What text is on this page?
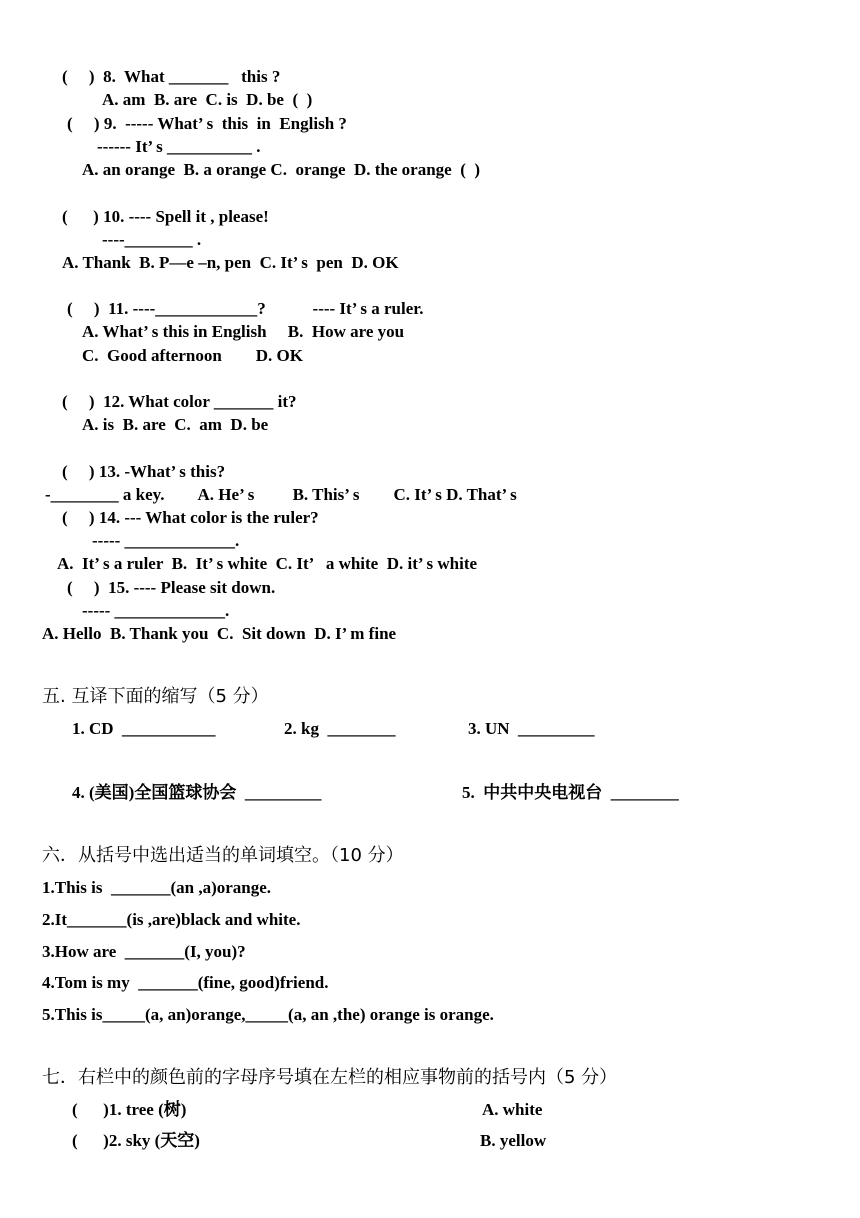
(     )  8.  What _______   this ?
A. am  B. are  C. is  D. be  (  )
(     ) 9.  ----- What’ s  this  in  English ?
------ It’ s __________ .
A. an orange  B. a orange C.  orange  D. the orange  (  )
(      ) 10. ---- Spell it , please!
----________ .
A. Thank  B. P—e –n, pen  C. It’ s  pen  D. OK
(     )  11. ----____________?           ---- It’ s a ruler.
A. What’ s this in English     B.  How are you
C.  Good afternoon        D. OK
(     )  12. What color _______ it?
A. is  B. are  C.  am  D. be
(     ) 13. -What’ s this?
-________ a key.        A. He’ s         B. This’ s        C. It’ s D. That’ s
(     ) 14. --- What color is the ruler?
----- _____________.
A.  It’ s a ruler  B.  It’ s white  C. It’   a white  D. it’ s white
(     )  15. ---- Please sit down.
----- _____________.
A. Hello  B. Thank you  C.  Sit down  D. I’ m fine
五. 互译下面的缩写（5 分）
1. CD  ___________	2. kg  ________	3. UN  _________
4. (美国)全国篮球协会  _________	5.  中共中央电视台  ________
六．从括号中选出适当的单词填空。（10 分）
1.This is  _______(an ,a)orange.
2.It_______(is ,are)black and white.
3.How are  _______(I, you)?
4.Tom is my  _______(fine, good)friend.
5.This is_____(a, an)orange,_____(a, an ,the) orange is orange.
七．右栏中的颜色前的字母序号填在左栏的相应事物前的括号内（5 分）
(      )1. tree (树)	A. white
(      )2. sky (天空)	B. yellow
